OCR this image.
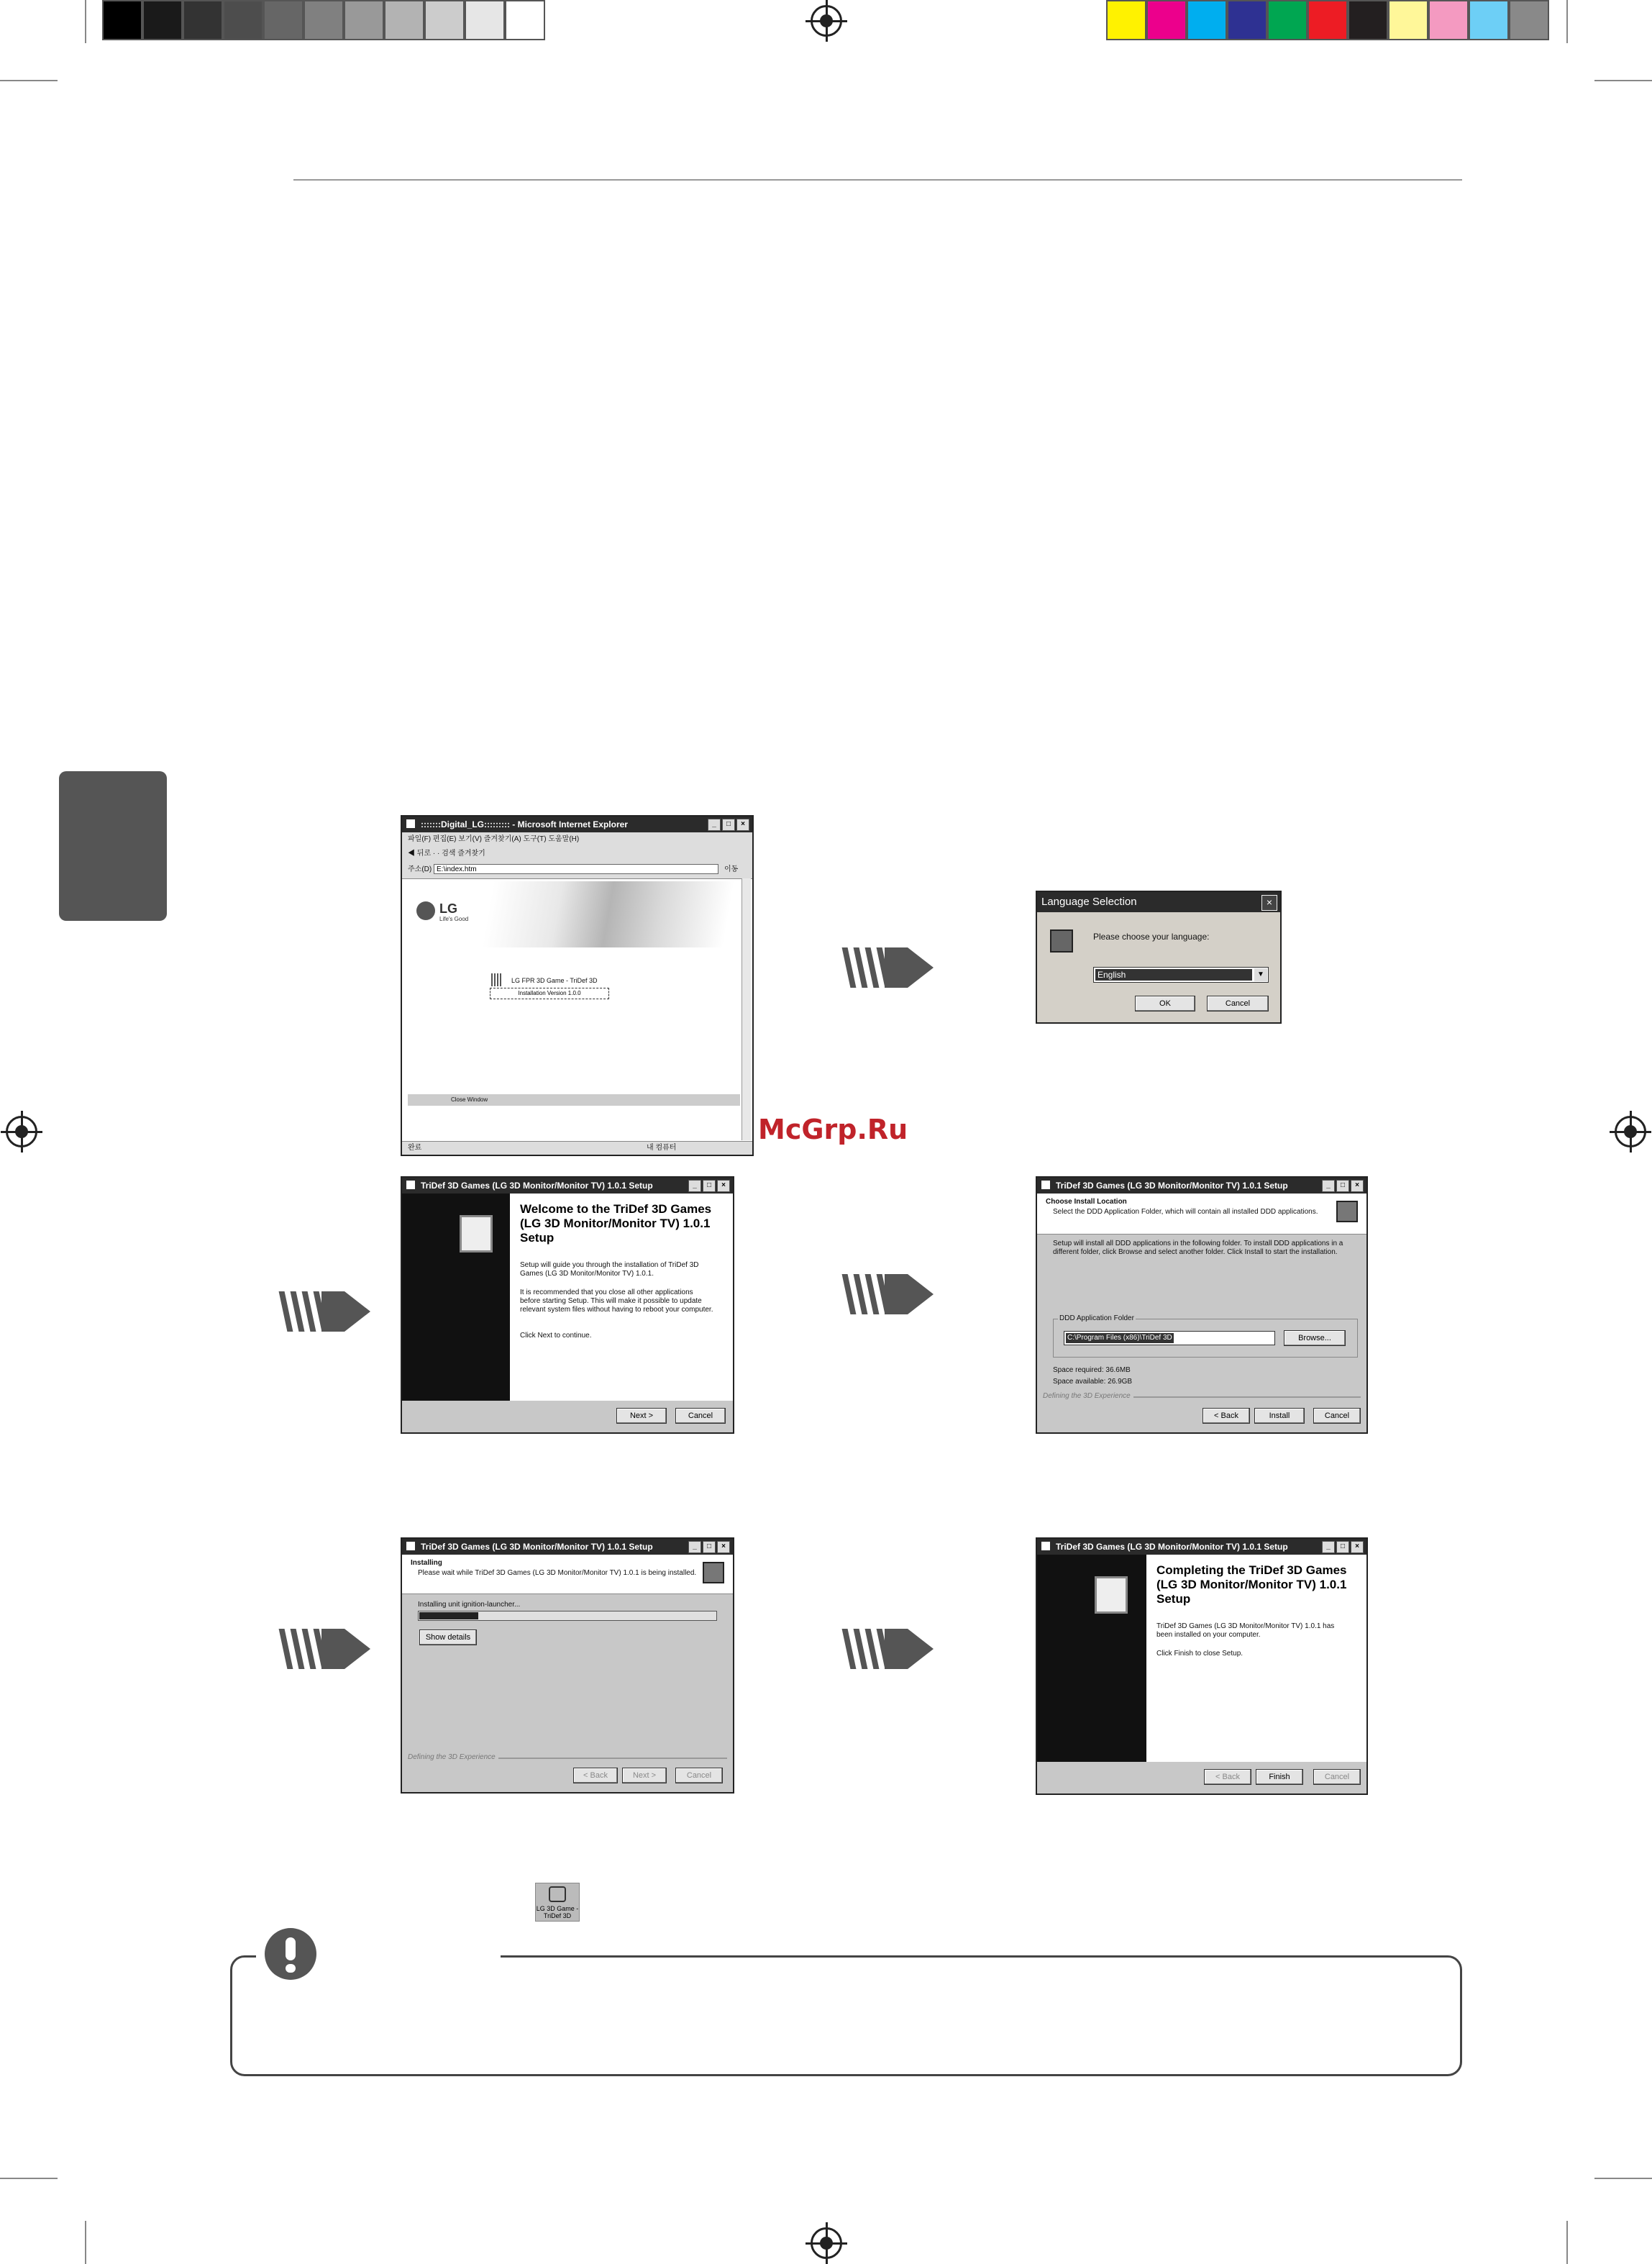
:::::::Digital_LG::::::::: - Microsoft Internet Explorer	_	□	×
파일(F) 편집(E) 보기(V) 즐겨찾기(A) 도구(T) 도움말(H)
◀ 뒤로 · · 검색 즐겨찾기
주소(D) E:\index.htm	이동
LG
Life's Good
LG FPR 3D Game - TriDef 3D
Installation Version 1.0.0
Close Window
완료	내 컴퓨터
Language Selection	×
Please choose your language:
English	▼
OK	Cancel
TriDef 3D Games (LG 3D Monitor/Monitor TV) 1.0.1 Setup	_	□	×
Welcome to the TriDef 3D Games (LG 3D Monitor/Monitor TV) 1.0.1 Setup
Setup will guide you through the installation of TriDef 3D Games (LG 3D Monitor/Monitor TV) 1.0.1.
It is recommended that you close all other applications before starting Setup. This will make it possible to update relevant system files without having to reboot your computer.
Click Next to continue.
Next >	Cancel
TriDef 3D Games (LG 3D Monitor/Monitor TV) 1.0.1 Setup	_	□	×
Choose Install Location
Select the DDD Application Folder, which will contain all installed DDD applications.
Setup will install all DDD applications in the following folder. To install DDD applications in a different folder, click Browse and select another folder. Click Install to start the installation.
DDD Application Folder
C:\Program Files (x86)\TriDef 3D	Browse...
Space required: 36.6MB
Space available: 26.9GB
Defining the 3D Experience
< Back	Install	Cancel
TriDef 3D Games (LG 3D Monitor/Monitor TV) 1.0.1 Setup	_	□	×
Installing
Please wait while TriDef 3D Games (LG 3D Monitor/Monitor TV) 1.0.1 is being installed.
Installing unit ignition-launcher...
Show details
Defining the 3D Experience
< Back	Next >	Cancel
TriDef 3D Games (LG 3D Monitor/Monitor TV) 1.0.1 Setup	_	□	×
Completing the TriDef 3D Games (LG 3D Monitor/Monitor TV) 1.0.1 Setup
TriDef 3D Games (LG 3D Monitor/Monitor TV) 1.0.1 has been installed on your computer.
Click Finish to close Setup.
< Back	Finish	Cancel
McGrp.Ru
LG 3D Game - TriDef 3D
